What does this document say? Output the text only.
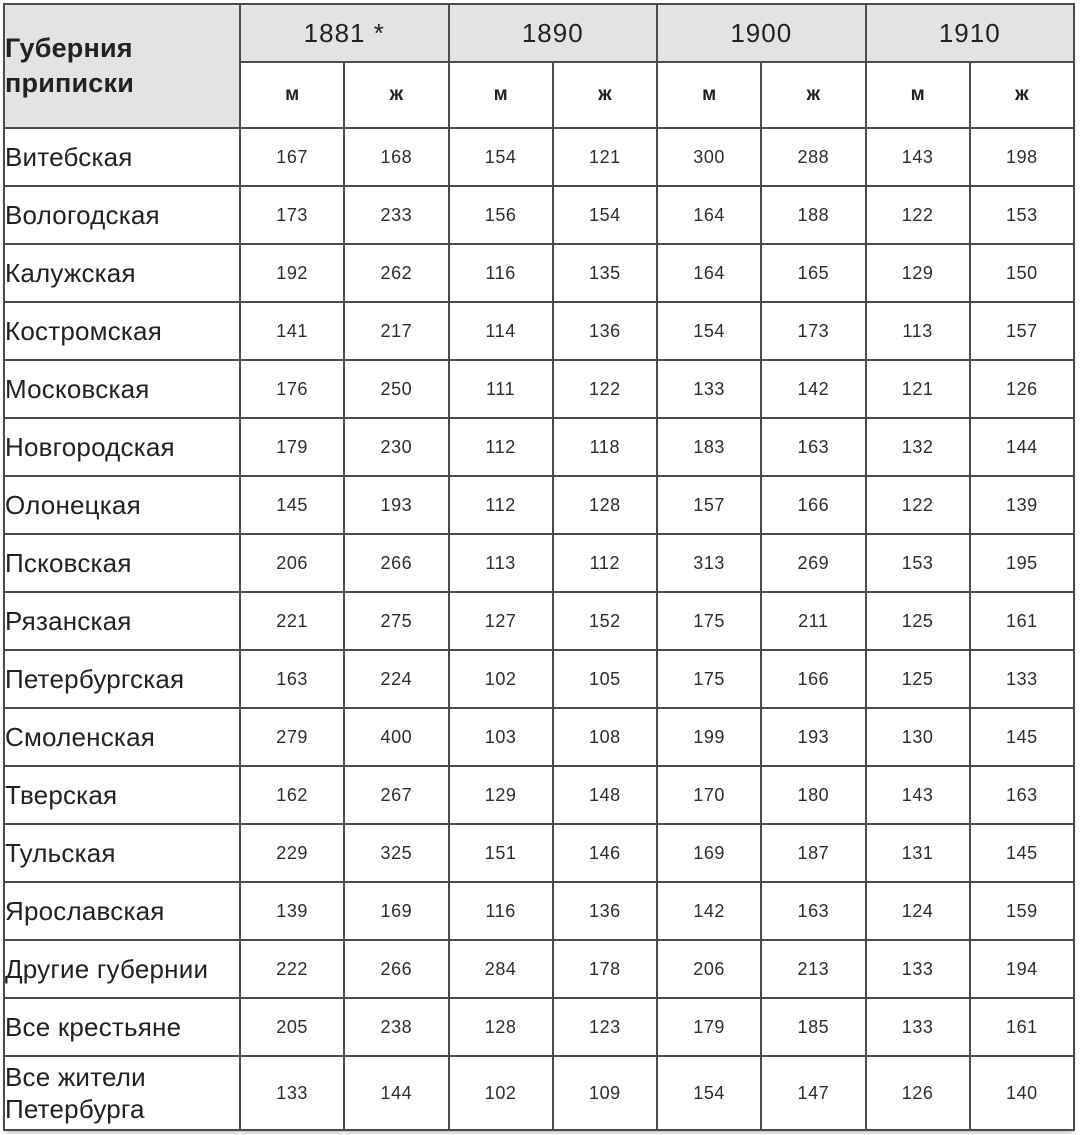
Губерния приписки	1881 *		1890		1900		1910	
	м	ж	м	ж	м	ж	м	ж
Витебская	167	168	154	121	300	288	143	198
Вологодская	173	233	156	154	164	188	122	153
Калужская	192	262	116	135	164	165	129	150
Костромская	141	217	114	136	154	173	113	157
Московская	176	250	111	122	133	142	121	126
Новгородская	179	230	112	118	183	163	132	144
Олонецкая	145	193	112	128	157	166	122	139
Псковская	206	266	113	112	313	269	153	195
Рязанская	221	275	127	152	175	211	125	161
Петербургская	163	224	102	105	175	166	125	133
Смоленская	279	400	103	108	199	193	130	145
Тверская	162	267	129	148	170	180	143	163
Тульская	229	325	151	146	169	187	131	145
Ярославская	139	169	116	136	142	163	124	159
Другие губернии	222	266	284	178	206	213	133	194
Все крестьяне	205	238	128	123	179	185	133	161
Все жители Петербурга	133	144	102	109	154	147	126	140
